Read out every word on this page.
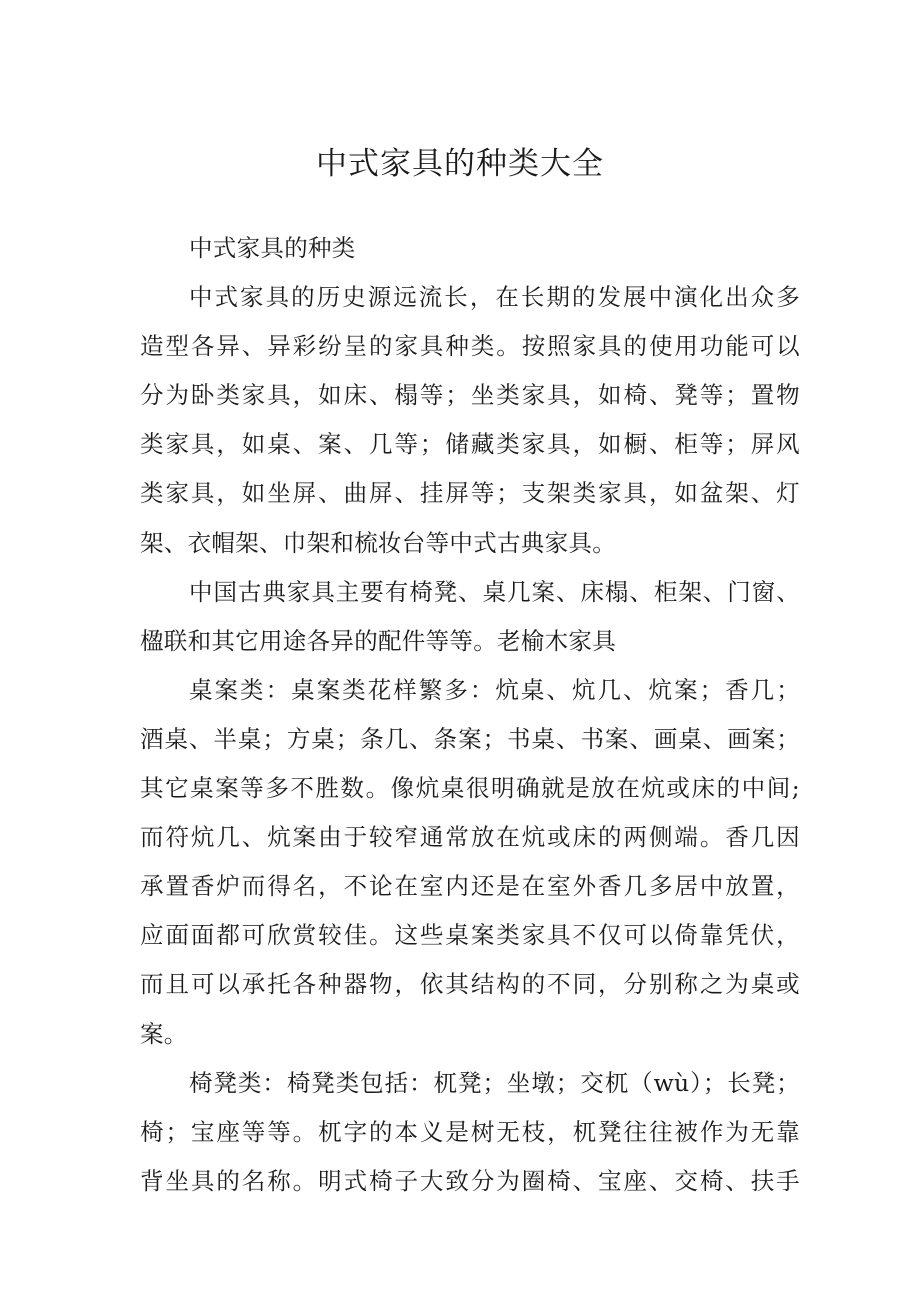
中式家具的种类大全
中式家具的种类
中式家具的历史源远流长，在长期的发展中演化出众多
造型各异、异彩纷呈的家具种类。按照家具的使用功能可以
分为卧类家具，如床、榻等；坐类家具，如椅、凳等；置物
类家具，如桌、案、几等；储藏类家具，如橱、柜等；屏风
类家具，如坐屏、曲屏、挂屏等；支架类家具，如盆架、灯
架、衣帽架、巾架和梳妆台等中式古典家具。
中国古典家具主要有椅凳、桌几案、床榻、柜架、门窗、
楹联和其它用途各异的配件等等。老榆木家具
桌案类：桌案类花样繁多：炕桌、炕几、炕案；香几；
酒桌、半桌；方桌；条几、条案；书桌、书案、画桌、画案；
其它桌案等多不胜数。像炕桌很明确就是放在炕或床的中间;
而符炕几、炕案由于较窄通常放在炕或床的两侧端。香几因
承置香炉而得名，不论在室内还是在室外香几多居中放置，
应面面都可欣赏较佳。这些桌案类家具不仅可以倚靠凭伏，
而且可以承托各种器物，依其结构的不同，分别称之为桌或
案。
椅凳类：椅凳类包括：杌凳；坐墩；交杌（wù）；长凳；
椅；宝座等等。杌字的本义是树无枝，杌凳往往被作为无靠
背坐具的名称。明式椅子大致分为圈椅、宝座、交椅、扶手
